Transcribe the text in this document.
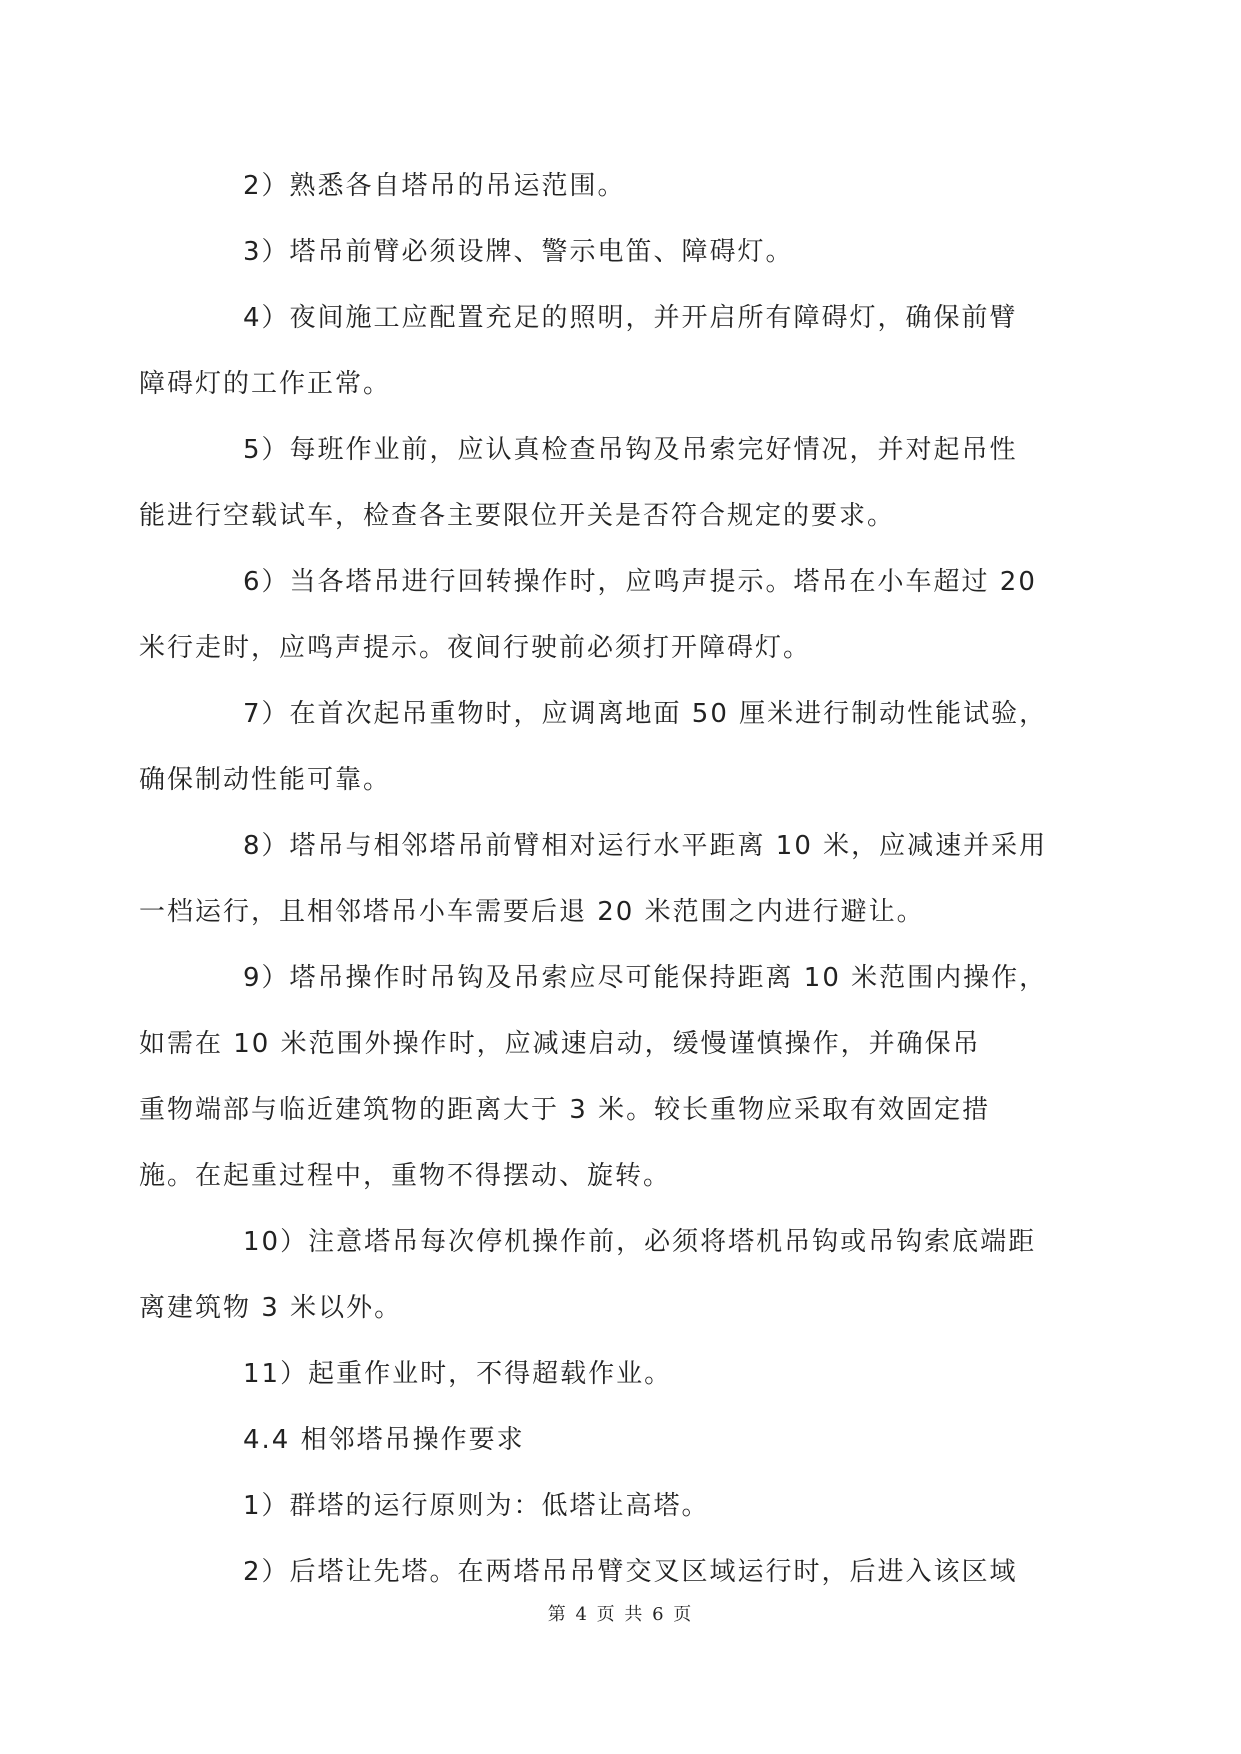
2）熟悉各自塔吊的吊运范围。

3）塔吊前臂必须设牌、警示电笛、障碍灯。

4）夜间施工应配置充足的照明，并开启所有障碍灯，确保前臂
障碍灯的工作正常。

5）每班作业前，应认真检查吊钩及吊索完好情况，并对起吊性
能进行空载试车，检查各主要限位开关是否符合规定的要求。

6）当各塔吊进行回转操作时，应鸣声提示。塔吊在小车超过 20
米行走时，应鸣声提示。夜间行驶前必须打开障碍灯。

7）在首次起吊重物时，应调离地面 50 厘米进行制动性能试验，
确保制动性能可靠。

8）塔吊与相邻塔吊前臂相对运行水平距离 10 米，应减速并采用
一档运行，且相邻塔吊小车需要后退 20 米范围之内进行避让。

9）塔吊操作时吊钩及吊索应尽可能保持距离 10 米范围内操作，
如需在 10 米范围外操作时，应减速启动，缓慢谨慎操作，并确保吊
重物端部与临近建筑物的距离大于 3 米。较长重物应采取有效固定措
施。在起重过程中，重物不得摆动、旋转。

10）注意塔吊每次停机操作前，必须将塔机吊钩或吊钩索底端距
离建筑物 3 米以外。

11）起重作业时，不得超载作业。

4.4 相邻塔吊操作要求

1）群塔的运行原则为：低塔让高塔。

2）后塔让先塔。在两塔吊吊臂交叉区域运行时，后进入该区域

第 4 页 共 6 页
